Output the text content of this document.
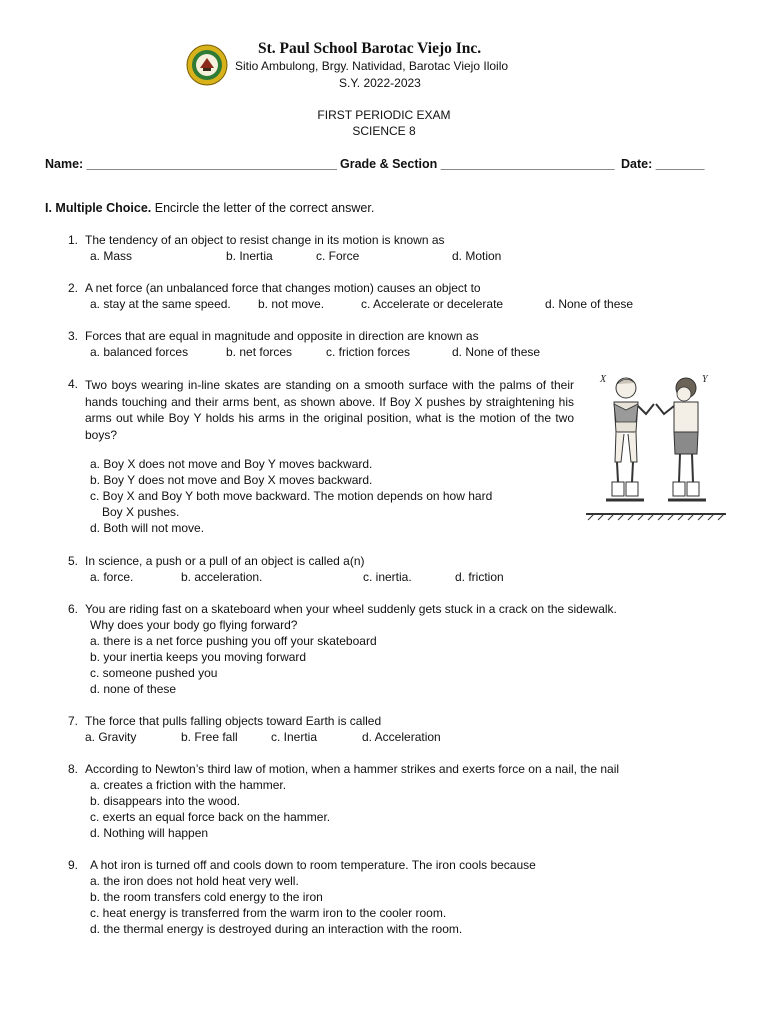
St. Paul School Barotac Viejo Inc.
Sitio Ambulong, Brgy. Natividad, Barotac Viejo Iloilo
S.Y. 2022-2023
FIRST PERIODIC EXAM
SCIENCE 8
Name: ____________________________________ Grade & Section _________________________ Date: _______
I. Multiple Choice. Encircle the letter of the correct answer.
1. The tendency of an object to resist change in its motion is known as
a. Mass	b. Inertia	c. Force	d. Motion
2. A net force (an unbalanced force that changes motion) causes an object to
a. stay at the same speed. b. not move.	c. Accelerate or decelerate	d. None of these
3. Forces that are equal in magnitude and opposite in direction are known as
a. balanced forces	b. net forces	c. friction forces	d. None of these
4. Two boys wearing in-line skates are standing on a smooth surface with the palms of their hands touching and their arms bent, as shown above. If Boy X pushes by straightening his arms out while Boy Y holds his arms in the original position, what is the motion of the two boys?
a. Boy X does not move and Boy Y moves backward.
b. Boy Y does not move and Boy X moves backward.
c. Boy X and Boy Y both move backward. The motion depends on how hard
Boy X pushes.
d. Both will not move.
X	Y
5. In science, a push or a pull of an object is called a(n)
a. force.	b. acceleration.	c. inertia.	d. friction
6. You are riding fast on a skateboard when your wheel suddenly gets stuck in a crack on the sidewalk.
Why does your body go flying forward?
a. there is a net force pushing you off your skateboard
b. your inertia keeps you moving forward
c. someone pushed you
d. none of these
7. The force that pulls falling objects toward Earth is called
a. Gravity	b. Free fall	c. Inertia	d. Acceleration
8. According to Newton’s third law of motion, when a hammer strikes and exerts force on a nail, the nail
a. creates a friction with the hammer.
b. disappears into the wood.
c. exerts an equal force back on the hammer.
d. Nothing will happen
9. A hot iron is turned off and cools down to room temperature. The iron cools because
a. the iron does not hold heat very well.
b. the room transfers cold energy to the iron
c. heat energy is transferred from the warm iron to the cooler room.
d. the thermal energy is destroyed during an interaction with the room.
